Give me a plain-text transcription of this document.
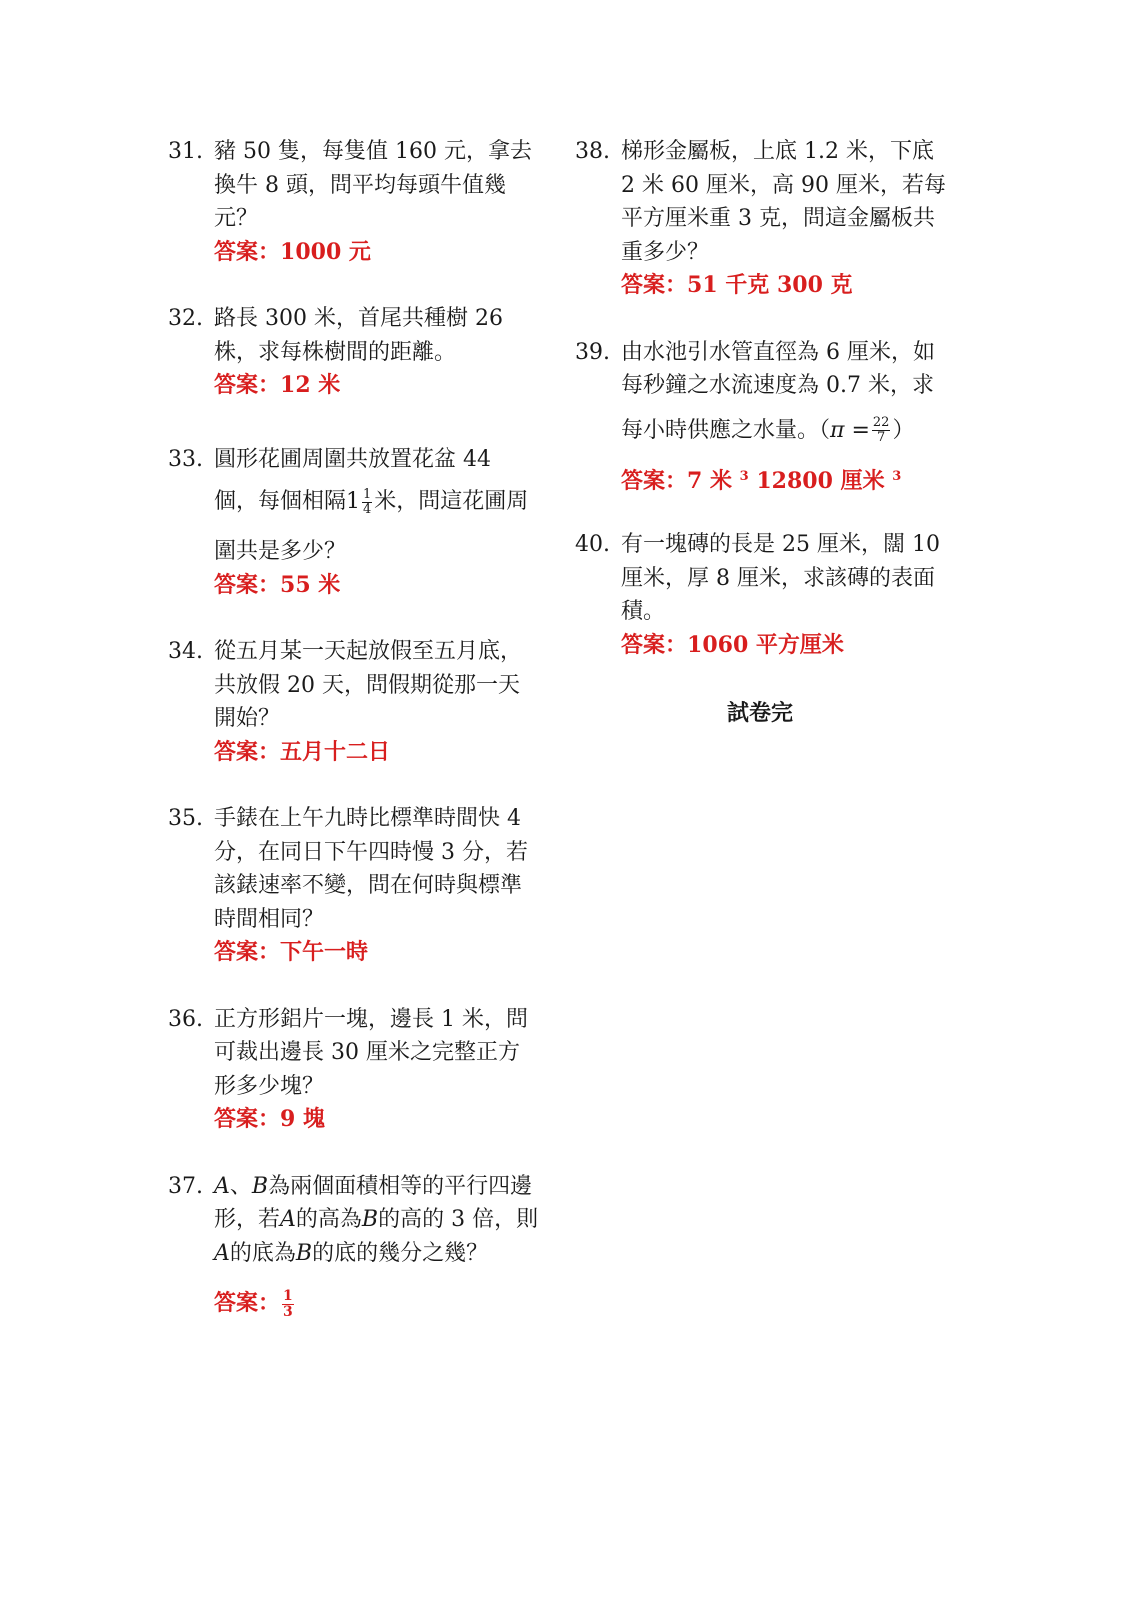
31. 豬 50 隻，每隻值 160 元，拿去
換牛 8 頭，問平均每頭牛值幾
元？
答案：1000 元
32. 路長 300 米，首尾共種樹 26
株，求每株樹間的距離。
答案：12 米
33. 圓形花圃周圍共放置花盆 44
個，每個相隔$1 \frac{1}{4}$ 米，問這花圃周
圍共是多少？
答案：55 米
34. 從五月某一天起放假至五月底，
共放假 20 天，問假期從那一天
開始？
答案：五月十二日
35. 手錶在上午九時比標準時間快 4
分，在同日下午四時慢 3 分，若
該錶速率不變，問在何時與標準
時間相同？
答案：下午一時
36. 正方形鋁片一塊，邊長 1 米，問
可裁出邊長 30 厘米之完整正方
形多少塊？
答案：9 塊
37. A、B為兩個面積相等的平行四邊
形，若A的高為B的高的 3 倍，則
A的底為B的底的幾分之幾？
答案： $\frac{1}{3}$
38. 梯形金屬板，上底 1.2 米，下底
2 米 60 厘米，高 90 厘米，若每
平方厘米重 3 克，問這金屬板共
重多少？
答案：51 千克 300 克
39. 由水池引水管直徑為 6 厘米，如
每秒鐘之水流速度為 0.7 米，求
每小時供應之水量。（$\pi = \frac{22}{7}$ ）
答案：7 米 $^3$ 12800 厘米 $^3$
40. 有一塊磚的長是 25 厘米，闊 10
厘米，厚 8 厘米，求該磚的表面
積。
答案：1060 平方厘米
試卷完
